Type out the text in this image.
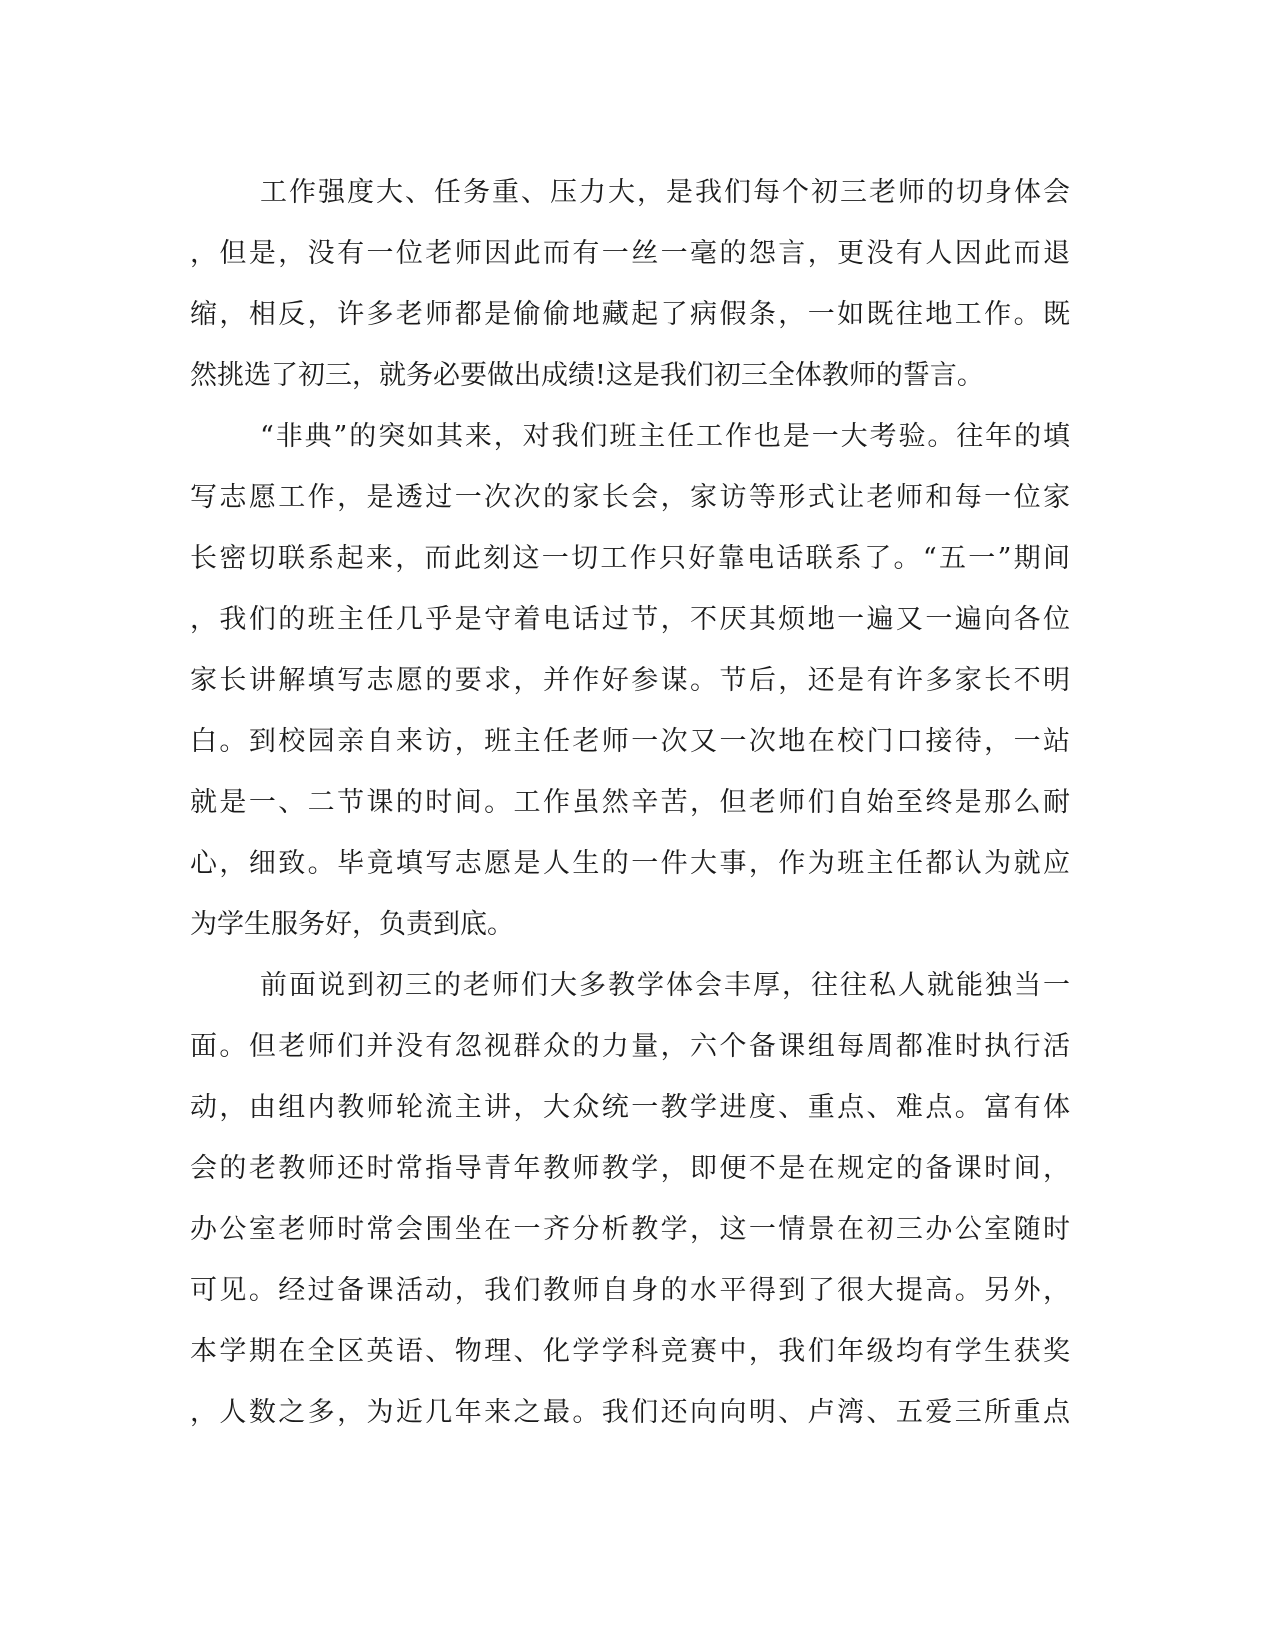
工作强度大、任务重、压力大，是我们每个初三老师的切身体会
，但是，没有一位老师因此而有一丝一毫的怨言，更没有人因此而退
缩，相反，许多老师都是偷偷地藏起了病假条，一如既往地工作。既
然挑选了初三，就务必要做出成绩!这是我们初三全体教师的誓言。
“非典”的突如其来，对我们班主任工作也是一大考验。往年的填
写志愿工作，是透过一次次的家长会，家访等形式让老师和每一位家
长密切联系起来，而此刻这一切工作只好靠电话联系了。“五一”期间
，我们的班主任几乎是守着电话过节，不厌其烦地一遍又一遍向各位
家长讲解填写志愿的要求，并作好参谋。节后，还是有许多家长不明
白。到校园亲自来访，班主任老师一次又一次地在校门口接待，一站
就是一、二节课的时间。工作虽然辛苦，但老师们自始至终是那么耐
心，细致。毕竟填写志愿是人生的一件大事，作为班主任都认为就应
为学生服务好，负责到底。
前面说到初三的老师们大多教学体会丰厚，往往私人就能独当一
面。但老师们并没有忽视群众的力量，六个备课组每周都准时执行活
动，由组内教师轮流主讲，大众统一教学进度、重点、难点。富有体
会的老教师还时常指导青年教师教学，即便不是在规定的备课时间，
办公室老师时常会围坐在一齐分析教学，这一情景在初三办公室随时
可见。经过备课活动，我们教师自身的水平得到了很大提高。另外，
本学期在全区英语、物理、化学学科竞赛中，我们年级均有学生获奖
，人数之多，为近几年来之最。我们还向向明、卢湾、五爱三所重点
